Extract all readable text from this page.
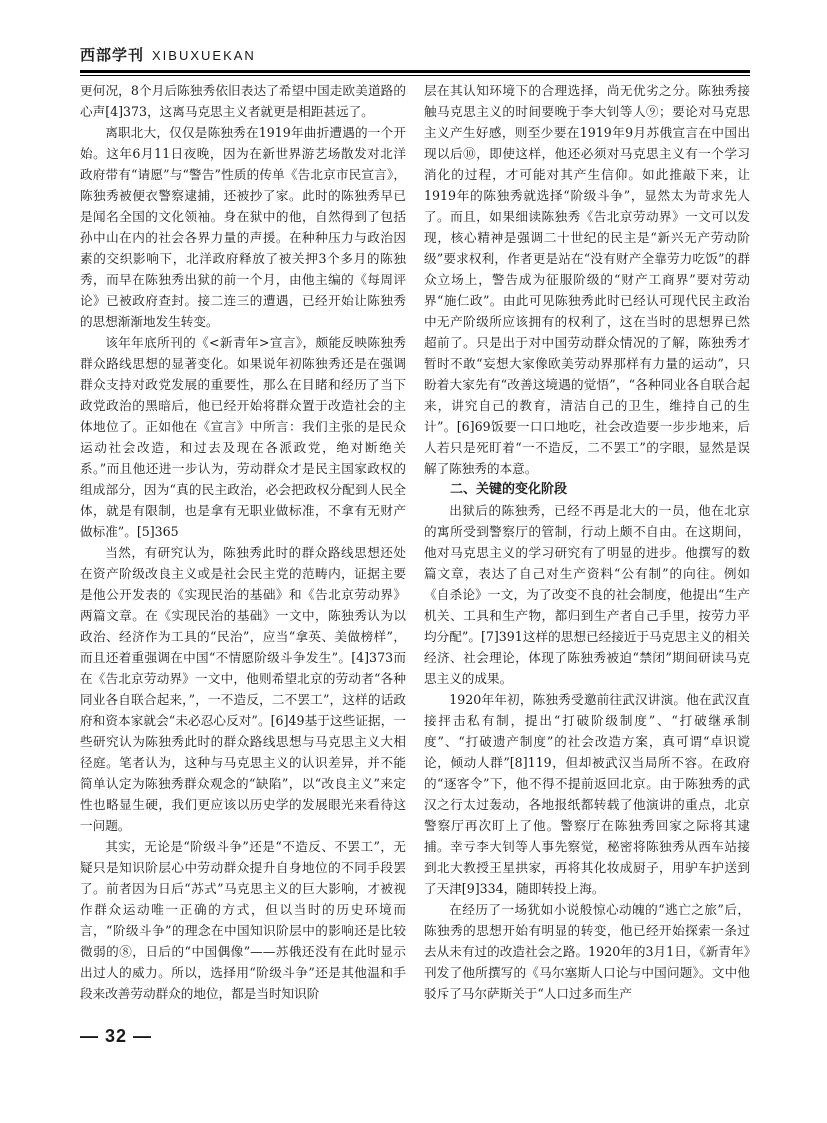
西部学刊 XIBUXUEKAN

更何况，8个月后陈独秀依旧表达了希望中国走欧美道路的心声[4]373，这离马克思主义者就更是相距甚远了。

离职北大，仅仅是陈独秀在1919年曲折遭遇的一个开始。这年6月11日夜晚，因为在新世界游艺场散发对北洋政府带有“请愿”与“警告”性质的传单《告北京市民宣言》，陈独秀被便衣警察逮捕，还被抄了家。此时的陈独秀早已是闻名全国的文化领袖。身在狱中的他，自然得到了包括孙中山在内的社会各界力量的声援。在种种压力与政治因素的交织影响下，北洋政府释放了被关押3个多月的陈独秀，而早在陈独秀出狱的前一个月，由他主编的《每周评论》已被政府查封。接二连三的遭遇，已经开始让陈独秀的思想渐渐地发生转变。

该年年底所刊的《<新青年>宣言》，颇能反映陈独秀群众路线思想的显著变化。如果说年初陈独秀还是在强调群众支持对政党发展的重要性，那么在目睹和经历了当下政党政治的黑暗后，他已经开始将群众置于改造社会的主体地位了。正如他在《宣言》中所言：我们主张的是民众运动社会改造，和过去及现在各派政党，绝对断绝关系。”而且他还进一步认为，劳动群众才是民主国家政权的组成部分，因为“真的民主政治，必会把政权分配到人民全体，就是有限制，也是拿有无职业做标准，不拿有无财产做标准”。[5]365

当然，有研究认为，陈独秀此时的群众路线思想还处在资产阶级改良主义或是社会民主党的范畴内，证据主要是他公开发表的《实现民治的基础》和《告北京劳动界》两篇文章。在《实现民治的基础》一文中，陈独秀认为以政治、经济作为工具的“民治”，应当“拿英、美做榜样”，而且还着重强调在中国“不情愿阶级斗争发生”。[4]373而在《告北京劳动界》一文中，他则希望北京的劳动者“各种同业各自联合起来，”，一不造反，二不罢工”，这样的话政府和资本家就会“未必忍心反对”。[6]49基于这些证据，一些研究认为陈独秀此时的群众路线思想与马克思主义大相径庭。笔者认为，这种与马克思主义的认识差异，并不能简单认定为陈独秀群众观念的“缺陷”，以“改良主义”来定性也略显生硬，我们更应该以历史学的发展眼光来看待这一问题。

其实，无论是“阶级斗争”还是“不造反、不罢工”，无疑只是知识阶层心中劳动群众提升自身地位的不同手段罢了。前者因为日后“苏式”马克思主义的巨大影响，才被视作群众运动唯一正确的方式，但以当时的历史环境而言，“阶级斗争”的理念在中国知识阶层中的影响还是比较微弱的⑧，日后的“中国偶像”——苏俄还没有在此时显示出过人的威力。所以，选择用“阶级斗争”还是其他温和手段来改善劳动群众的地位，都是当时知识阶

层在其认知环境下的合理选择，尚无优劣之分。陈独秀接触马克思主义的时间要晚于李大钊等人⑨；要论对马克思主义产生好感，则至少要在1919年9月苏俄宣言在中国出现以后⑩，即使这样，他还必须对马克思主义有一个学习消化的过程，才可能对其产生信仰。如此推敲下来，让1919年的陈独秀就选择“阶级斗争”，显然太为苛求先人了。而且，如果细读陈独秀《告北京劳动界》一文可以发现，核心精神是强调二十世纪的民主是“新兴无产劳动阶级”要求权利，作者更是站在“没有财产全靠劳力吃饭”的群众立场上，警告成为征服阶级的“财产工商界”要对劳动界“施仁政”。由此可见陈独秀此时已经认可现代民主政治中无产阶级所应该拥有的权利了，这在当时的思想界已然超前了。只是出于对中国劳动群众情况的了解，陈独秀才暂时不敢“妄想大家像欧美劳动界那样有力量的运动”，只盼着大家先有“改善这境遇的觉悟”，“各种同业各自联合起来，讲究自己的教育，清洁自己的卫生，维持自己的生计”。[6]69饭要一口口地吃，社会改造要一步步地来，后人若只是死盯着“一不造反，二不罢工”的字眼，显然是误解了陈独秀的本意。

二、关键的变化阶段

出狱后的陈独秀，已经不再是北大的一员，他在北京的寓所受到警察厅的管制，行动上颇不自由。在这期间，他对马克思主义的学习研究有了明显的进步。他撰写的数篇文章，表达了自己对生产资料“公有制”的向往。例如《自杀论》一文，为了改变不良的社会制度，他提出“生产机关、工具和生产物，都归到生产者自己手里，按劳力平均分配”。[7]391这样的思想已经接近于马克思主义的相关经济、社会理论，体现了陈独秀被迫“禁闭”期间研读马克思主义的成果。

1920年年初，陈独秀受邀前往武汉讲演。他在武汉直接抨击私有制，提出“打破阶级制度”、“打破继承制度”、“打破遗产制度”的社会改造方案，真可谓“卓识谠论，倾动人群”[8]119，但却被武汉当局所不容。在政府的“逐客令”下，他不得不提前返回北京。由于陈独秀的武汉之行太过轰动，各地报纸都转载了他演讲的重点，北京警察厅再次盯上了他。警察厅在陈独秀回家之际将其逮捕。幸亏李大钊等人事先察觉，秘密将陈独秀从西车站接到北大教授王星拱家，再将其化妆成厨子，用驴车护送到了天津[9]334，随即转投上海。

在经历了一场犹如小说般惊心动魄的“逃亡之旅”后，陈独秀的思想开始有明显的转变，他已经开始探索一条过去从未有过的改造社会之路。1920年的3月1日，《新青年》刊发了他所撰写的《马尔塞斯人口论与中国问题》。文中他驳斥了马尔萨斯关于“人口过多而生产

— 32 —
